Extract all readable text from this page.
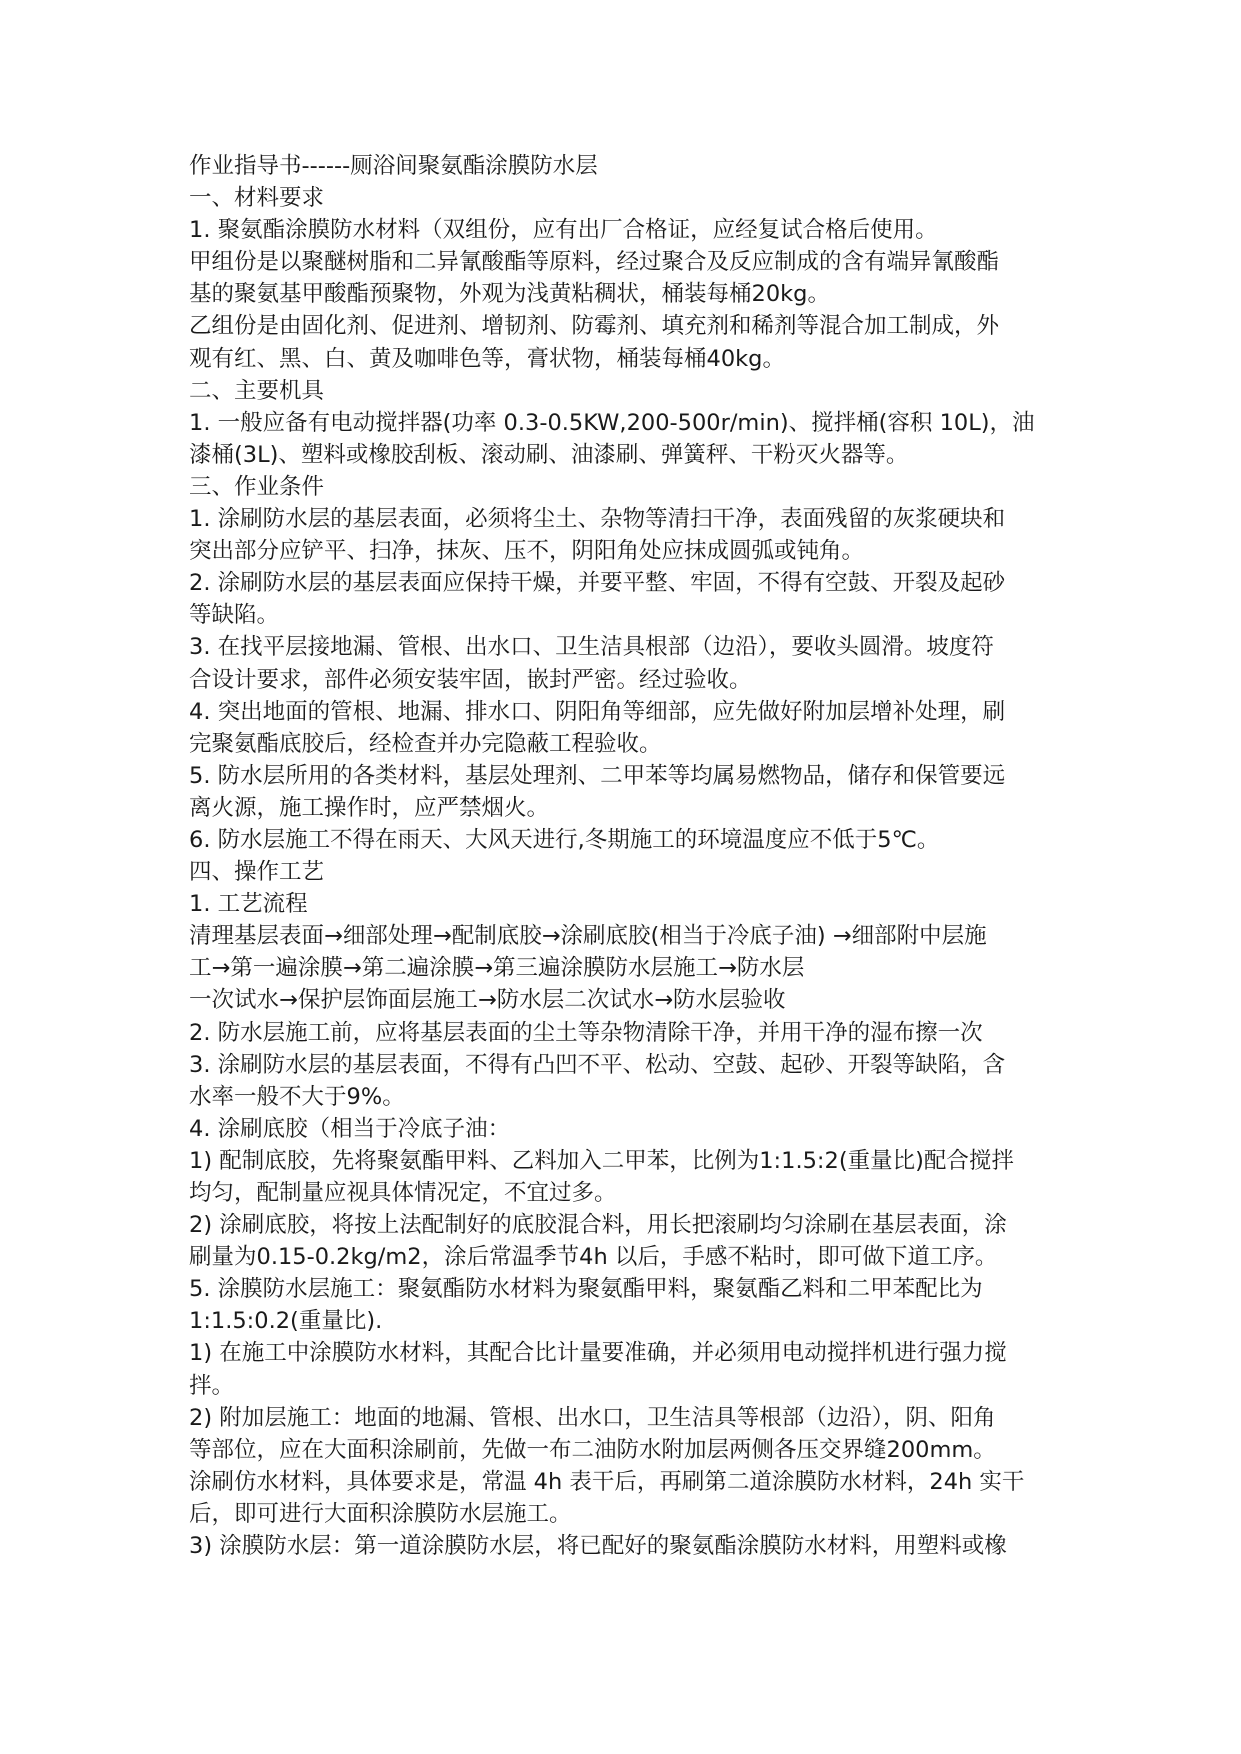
作业指导书------厕浴间聚氨酯涂膜防水层
一、材料要求
1. 聚氨酯涂膜防水材料（双组份，应有出厂合格证，应经复试合格后使用。
甲组份是以聚醚树脂和二异氰酸酯等原料，经过聚合及反应制成的含有端异氰酸酯
基的聚氨基甲酸酯预聚物，外观为浅黄粘稠状，桶装每桶20kg。
乙组份是由固化剂、促进剂、增韧剂、防霉剂、填充剂和稀剂等混合加工制成，外
观有红、黑、白、黄及咖啡色等，膏状物，桶装每桶40kg。
二、主要机具
1. 一般应备有电动搅拌器(功率 0.3-0.5KW,200-500r/min)、搅拌桶(容积 10L)，油
漆桶(3L)、塑料或橡胶刮板、滚动刷、油漆刷、弹簧秤、干粉灭火器等。
三、作业条件
1. 涂刷防水层的基层表面，必须将尘土、杂物等清扫干净，表面残留的灰浆硬块和
突出部分应铲平、扫净，抹灰、压不，阴阳角处应抹成圆弧或钝角。
2. 涂刷防水层的基层表面应保持干燥，并要平整、牢固，不得有空鼓、开裂及起砂
等缺陷。
3. 在找平层接地漏、管根、出水口、卫生洁具根部（边沿），要收头圆滑。坡度符
合设计要求，部件必须安装牢固，嵌封严密。经过验收。
4. 突出地面的管根、地漏、排水口、阴阳角等细部，应先做好附加层增补处理，刷
完聚氨酯底胶后，经检查并办完隐蔽工程验收。
5. 防水层所用的各类材料，基层处理剂、二甲苯等均属易燃物品，储存和保管要远
离火源，施工操作时，应严禁烟火。
6. 防水层施工不得在雨天、大风天进行,冬期施工的环境温度应不低于5℃。
四、操作工艺
1. 工艺流程
清理基层表面→细部处理→配制底胶→涂刷底胶(相当于冷底子油) →细部附中层施
工→第一遍涂膜→第二遍涂膜→第三遍涂膜防水层施工→防水层
一次试水→保护层饰面层施工→防水层二次试水→防水层验收
2. 防水层施工前，应将基层表面的尘土等杂物清除干净，并用干净的湿布擦一次
3. 涂刷防水层的基层表面，不得有凸凹不平、松动、空鼓、起砂、开裂等缺陷，含
水率一般不大于9%。
4. 涂刷底胶（相当于冷底子油：
1) 配制底胶，先将聚氨酯甲料、乙料加入二甲苯，比例为1:1.5:2(重量比)配合搅拌
均匀，配制量应视具体情况定，不宜过多。
2) 涂刷底胶，将按上法配制好的底胶混合料，用长把滚刷均匀涂刷在基层表面，涂
刷量为0.15-0.2kg/m2，涂后常温季节4h 以后，手感不粘时，即可做下道工序。
5. 涂膜防水层施工：聚氨酯防水材料为聚氨酯甲料，聚氨酯乙料和二甲苯配比为
1:1.5:0.2(重量比).
1) 在施工中涂膜防水材料，其配合比计量要准确，并必须用电动搅拌机进行强力搅
拌。
2) 附加层施工：地面的地漏、管根、出水口，卫生洁具等根部（边沿），阴、阳角
等部位，应在大面积涂刷前，先做一布二油防水附加层两侧各压交界缝200mm。
涂刷仿水材料，具体要求是，常温 4h 表干后，再刷第二道涂膜防水材料，24h 实干
后，即可进行大面积涂膜防水层施工。
3) 涂膜防水层：第一道涂膜防水层，将已配好的聚氨酯涂膜防水材料，用塑料或橡
